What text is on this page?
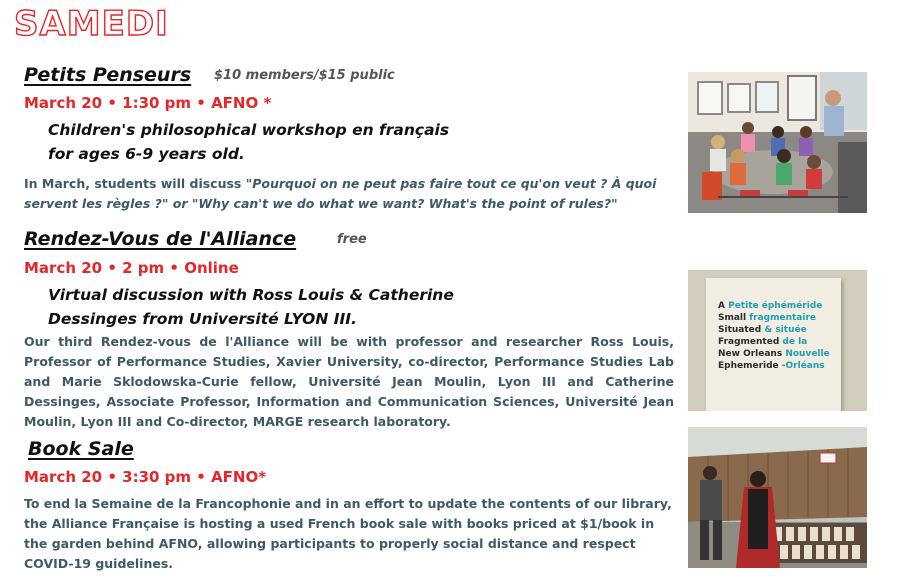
SAMEDI
Petits Penseurs $10 members/$15 public
March 20 • 1:30 pm • AFNO *
Children's philosophical workshop en français
for ages 6-9 years old.
In March, students will discuss "Pourquoi on ne peut pas faire tout ce qu'on veut ? À quoi servent les règles ?" or "Why can't we do what we want? What's the point of rules?"
Rendez-Vous de l'Alliance	free
March 20 • 2 pm • Online
Virtual discussion with Ross Louis & Catherine
Dessinges from Université LYON III.
Our third Rendez-vous de l'Alliance will be with professor and researcher Ross Louis, Professor of Performance Studies, Xavier University, co-director, Performance Studies Lab and Marie Sklodowska-Curie fellow, Université Jean Moulin, Lyon III and Catherine Dessinges, Associate Professor, Information and Communication Sciences, Université Jean Moulin, Lyon III and Co-director, MARGE research laboratory.
A Petite éphéméride
Small fragmentaire
Situated & située
Fragmented de la
New Orleans Nouvelle
Ephemeride -Orléans
Book Sale
March 20 • 3:30 pm • AFNO*
To end la Semaine de la Francophonie and in an effort to update the contents of our library, the Alliance Française is hosting a used French book sale with books priced at $1/book in the garden behind AFNO, allowing participants to properly social distance and respect COVID-19 guidelines.
